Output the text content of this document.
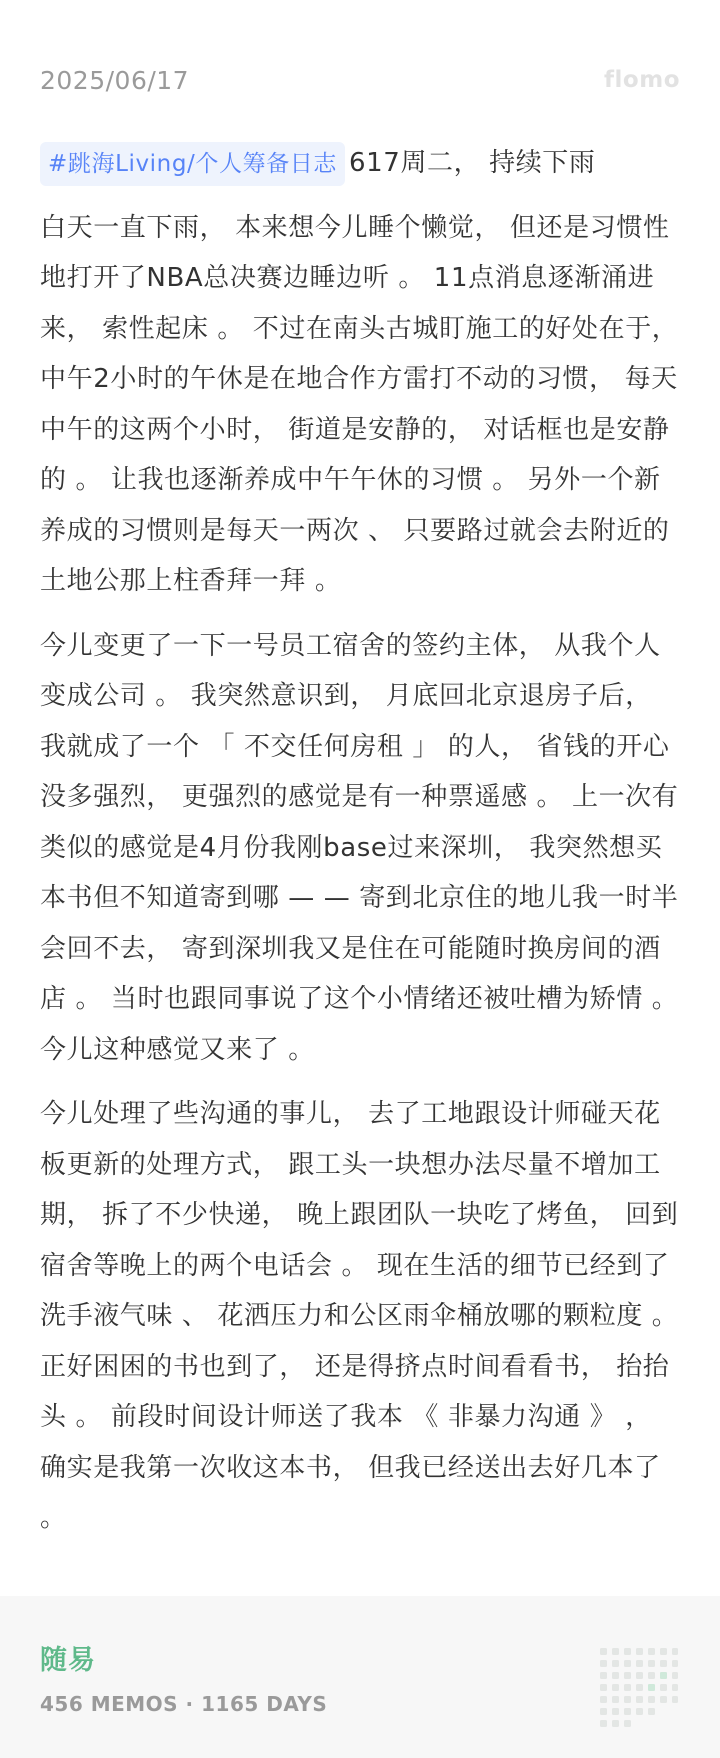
2025/06/17	flomo

#跳海Living/个人筹备日志 617周二， 持续下雨

白天一直下雨， 本来想今儿睡个懒觉， 但还是习惯性地打开了NBA总决赛边睡边听 。 11点消息逐渐涌进来， 索性起床 。 不过在南头古城盯施工的好处在于， 中午2小时的午休是在地合作方雷打不动的习惯， 每天中午的这两个小时， 街道是安静的， 对话框也是安静的 。 让我也逐渐养成中午午休的习惯 。 另外一个新养成的习惯则是每天一两次 、 只要路过就会去附近的土地公那上柱香拜一拜 。

今儿变更了一下一号员工宿舍的签约主体， 从我个人变成公司 。 我突然意识到， 月底回北京退房子后， 我就成了一个 「 不交任何房租 」 的人， 省钱的开心没多强烈， 更强烈的感觉是有一种票遥感 。 上一次有类似的感觉是4月份我刚base过来深圳， 我突然想买本书但不知道寄到哪 — — 寄到北京住的地儿我一时半会回不去， 寄到深圳我又是住在可能随时换房间的酒店 。 当时也跟同事说了这个小情绪还被吐槽为矫情 。 今儿这种感觉又来了 。

今儿处理了些沟通的事儿， 去了工地跟设计师碰天花板更新的处理方式， 跟工头一块想办法尽量不增加工期， 拆了不少快递， 晚上跟团队一块吃了烤鱼， 回到宿舍等晚上的两个电话会 。 现在生活的细节已经到了洗手液气味 、 花洒压力和公区雨伞桶放哪的颗粒度 。 正好困困的书也到了， 还是得挤点时间看看书， 抬抬头 。 前段时间设计师送了我本 《 非暴力沟通 》 ， 确实是我第一次收这本书， 但我已经送出去好几本了 。

随易
456 MEMOS · 1165 DAYS
